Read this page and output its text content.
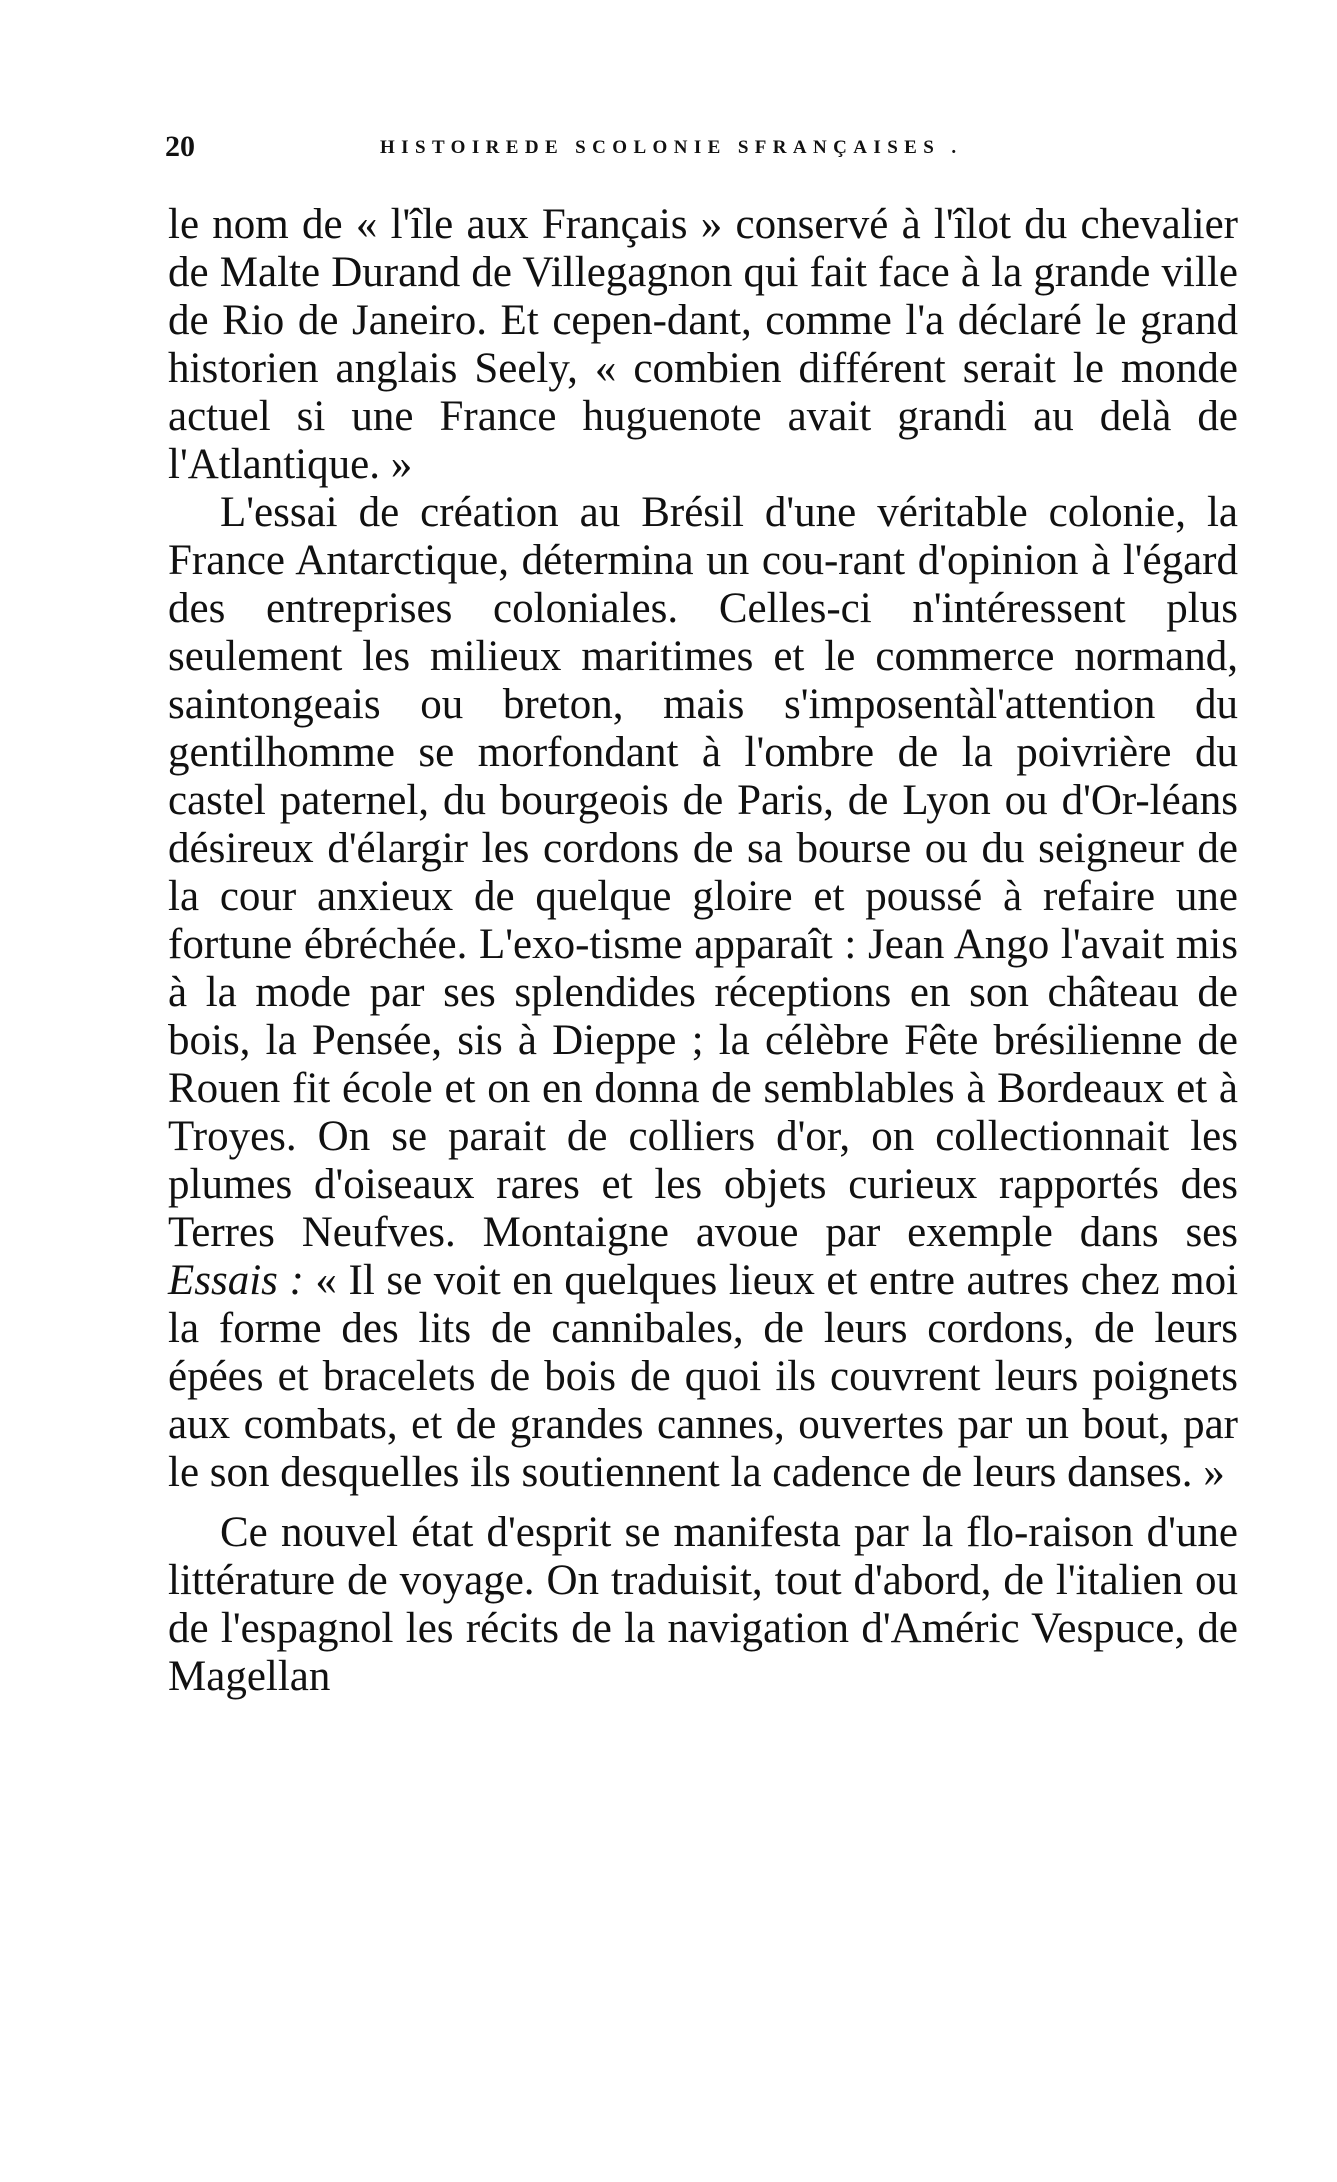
20	HISTOIREDE SCOLONIE SFRANÇAISES .

le nom de « l'île aux Français » conservé à l'îlot du chevalier de Malte Durand de Villegagnon qui fait face à la grande ville de Rio de Janeiro. Et cepen-dant, comme l'a déclaré le grand historien anglais Seely, « combien différent serait le monde actuel si une France huguenote avait grandi au delà de l'Atlantique. »

L'essai de création au Brésil d'une véritable colonie, la France Antarctique, détermina un cou-rant d'opinion à l'égard des entreprises coloniales. Celles-ci n'intéressent plus seulement les milieux maritimes et le commerce normand, saintongeais ou breton, mais s'imposentàl'attention du gentilhomme se morfondant à l'ombre de la poivrière du castel paternel, du bourgeois de Paris, de Lyon ou d'Or-léans désireux d'élargir les cordons de sa bourse ou du seigneur de la cour anxieux de quelque gloire et poussé à refaire une fortune ébréchée. L'exo-tisme apparaît : Jean Ango l'avait mis à la mode par ses splendides réceptions en son château de bois, la Pensée, sis à Dieppe ; la célèbre Fête brésilienne de Rouen fit école et on en donna de semblables à Bordeaux et à Troyes. On se parait de colliers d'or, on collectionnait les plumes d'oiseaux rares et les objets curieux rapportés des Terres Neufves. Montaigne avoue par exemple dans ses Essais : « Il se voit en quelques lieux et entre autres chez moi la forme des lits de cannibales, de leurs cordons, de leurs épées et bracelets de bois de quoi ils couvrent leurs poignets aux combats, et de grandes cannes, ouvertes par un bout, par le son desquelles ils soutiennent la cadence de leurs danses. »

Ce nouvel état d'esprit se manifesta par la flo-raison d'une littérature de voyage. On traduisit, tout d'abord, de l'italien ou de l'espagnol les récits de la navigation d'Améric Vespuce, de Magellan
